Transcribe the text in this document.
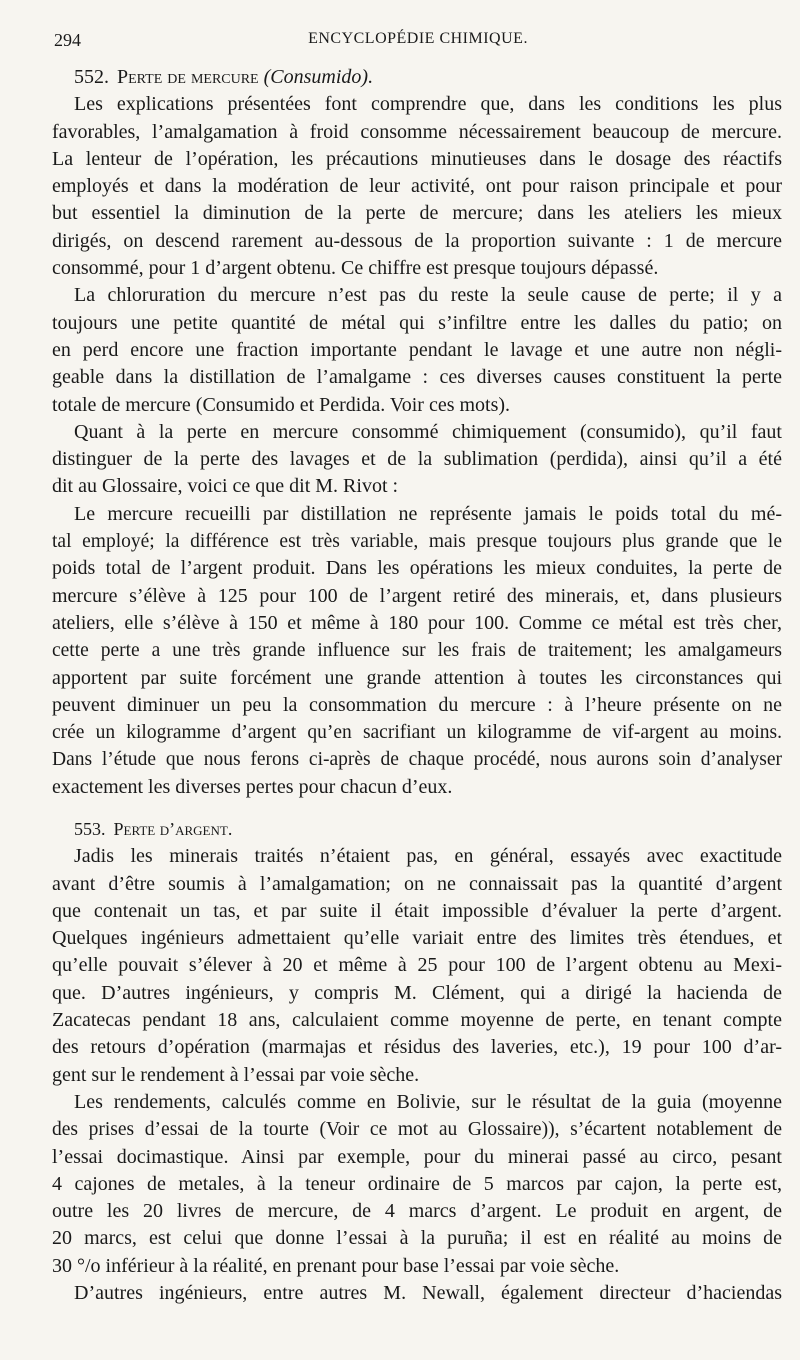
294	ENCYCLOPÉDIE CHIMIQUE.
552. Perte de mercure (Consumido).
Les explications présentées font comprendre que, dans les conditions les plus
favorables, l’amalgamation à froid consomme nécessairement beaucoup de mercure.
La lenteur de l’opération, les précautions minutieuses dans le dosage des réactifs
employés et dans la modération de leur activité, ont pour raison principale et pour
but essentiel la diminution de la perte de mercure; dans les ateliers les mieux
dirigés, on descend rarement au-dessous de la proportion suivante : 1 de mercure
consommé, pour 1 d’argent obtenu. Ce chiffre est presque toujours dépassé.
La chloruration du mercure n’est pas du reste la seule cause de perte; il y a
toujours une petite quantité de métal qui s’infiltre entre les dalles du patio; on
en perd encore une fraction importante pendant le lavage et une autre non négli-
geable dans la distillation de l’amalgame : ces diverses causes constituent la perte
totale de mercure (Consumido et Perdida. Voir ces mots).
Quant à la perte en mercure consommé chimiquement (consumido), qu’il faut
distinguer de la perte des lavages et de la sublimation (perdida), ainsi qu’il a été
dit au Glossaire, voici ce que dit M. Rivot :
Le mercure recueilli par distillation ne représente jamais le poids total du mé-
tal employé; la différence est très variable, mais presque toujours plus grande que le
poids total de l’argent produit. Dans les opérations les mieux conduites, la perte de
mercure s’élève à 125 pour 100 de l’argent retiré des minerais, et, dans plusieurs
ateliers, elle s’élève à 150 et même à 180 pour 100. Comme ce métal est très cher,
cette perte a une très grande influence sur les frais de traitement; les amalgameurs
apportent par suite forcément une grande attention à toutes les circonstances qui
peuvent diminuer un peu la consommation du mercure : à l’heure présente on ne
crée un kilogramme d’argent qu’en sacrifiant un kilogramme de vif-argent au moins.
Dans l’étude que nous ferons ci-après de chaque procédé, nous aurons soin d’analyser
exactement les diverses pertes pour chacun d’eux.
553. Perte d’argent.
Jadis les minerais traités n’étaient pas, en général, essayés avec exactitude
avant d’être soumis à l’amalgamation; on ne connaissait pas la quantité d’argent
que contenait un tas, et par suite il était impossible d’évaluer la perte d’argent.
Quelques ingénieurs admettaient qu’elle variait entre des limites très étendues, et
qu’elle pouvait s’élever à 20 et même à 25 pour 100 de l’argent obtenu au Mexi-
que. D’autres ingénieurs, y compris M. Clément, qui a dirigé la hacienda de
Zacatecas pendant 18 ans, calculaient comme moyenne de perte, en tenant compte
des retours d’opération (marmajas et résidus des laveries, etc.), 19 pour 100 d’ar-
gent sur le rendement à l’essai par voie sèche.
Les rendements, calculés comme en Bolivie, sur le résultat de la guia (moyenne
des prises d’essai de la tourte (Voir ce mot au Glossaire)), s’écartent notablement de
l’essai docimastique. Ainsi par exemple, pour du minerai passé au circo, pesant
4 cajones de metales, à la teneur ordinaire de 5 marcos par cajon, la perte est,
outre les 20 livres de mercure, de 4 marcs d’argent. Le produit en argent, de
20 marcs, est celui que donne l’essai à la puruña; il est en réalité au moins de
30 °/o inférieur à la réalité, en prenant pour base l’essai par voie sèche.
D’autres ingénieurs, entre autres M. Newall, également directeur d’haciendas
